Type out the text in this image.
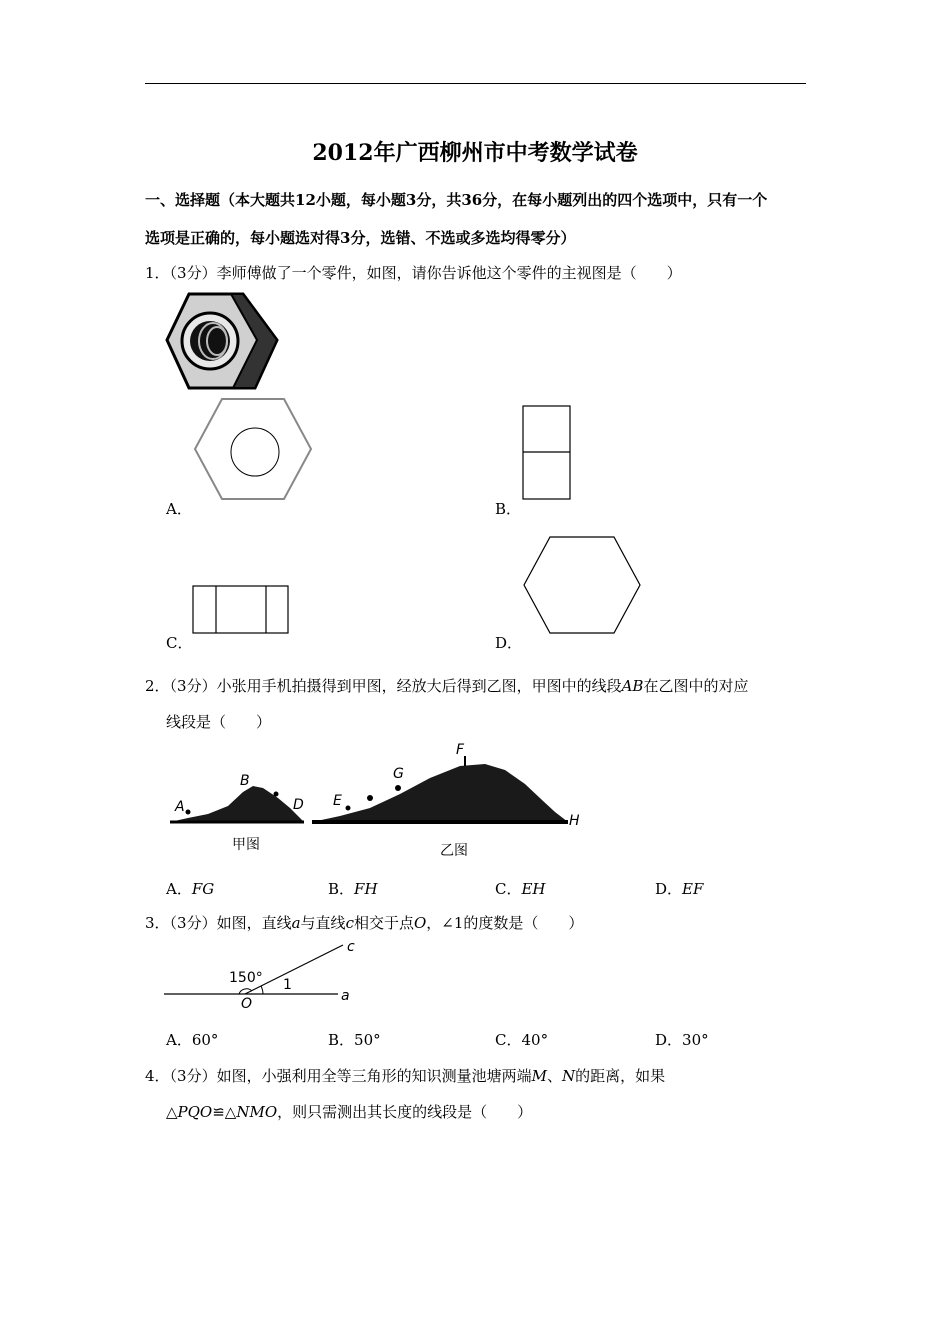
2012年广西柳州市中考数学试卷
一、选择题（本大题共12小题，每小题3分，共36分，在每小题列出的四个选项中，只有一个
选项是正确的，每小题选对得3分，选错、不选或多选均得零分）
1．（3分）李师傅做了一个零件，如图，请你告诉他这个零件的主视图是（　　）
A．	B．
C．	D．
2．（3分）小张用手机拍摄得到甲图，经放大后得到乙图，甲图中的线段AB在乙图中的对应
线段是（　　）
A
B
D
甲图
E
F
G
H
乙图
A．FG	B．FH	C．EH	D．EF
3．（3分）如图，直线a与直线c相交于点O，∠1的度数是（　　）
150° 1
O	a
c
A．60°	B．50°	C．40°	D．30°
4．（3分）如图，小强利用全等三角形的知识测量池塘两端M、N的距离，如果
△PQO≌△NMO，则只需测出其长度的线段是（　　）
